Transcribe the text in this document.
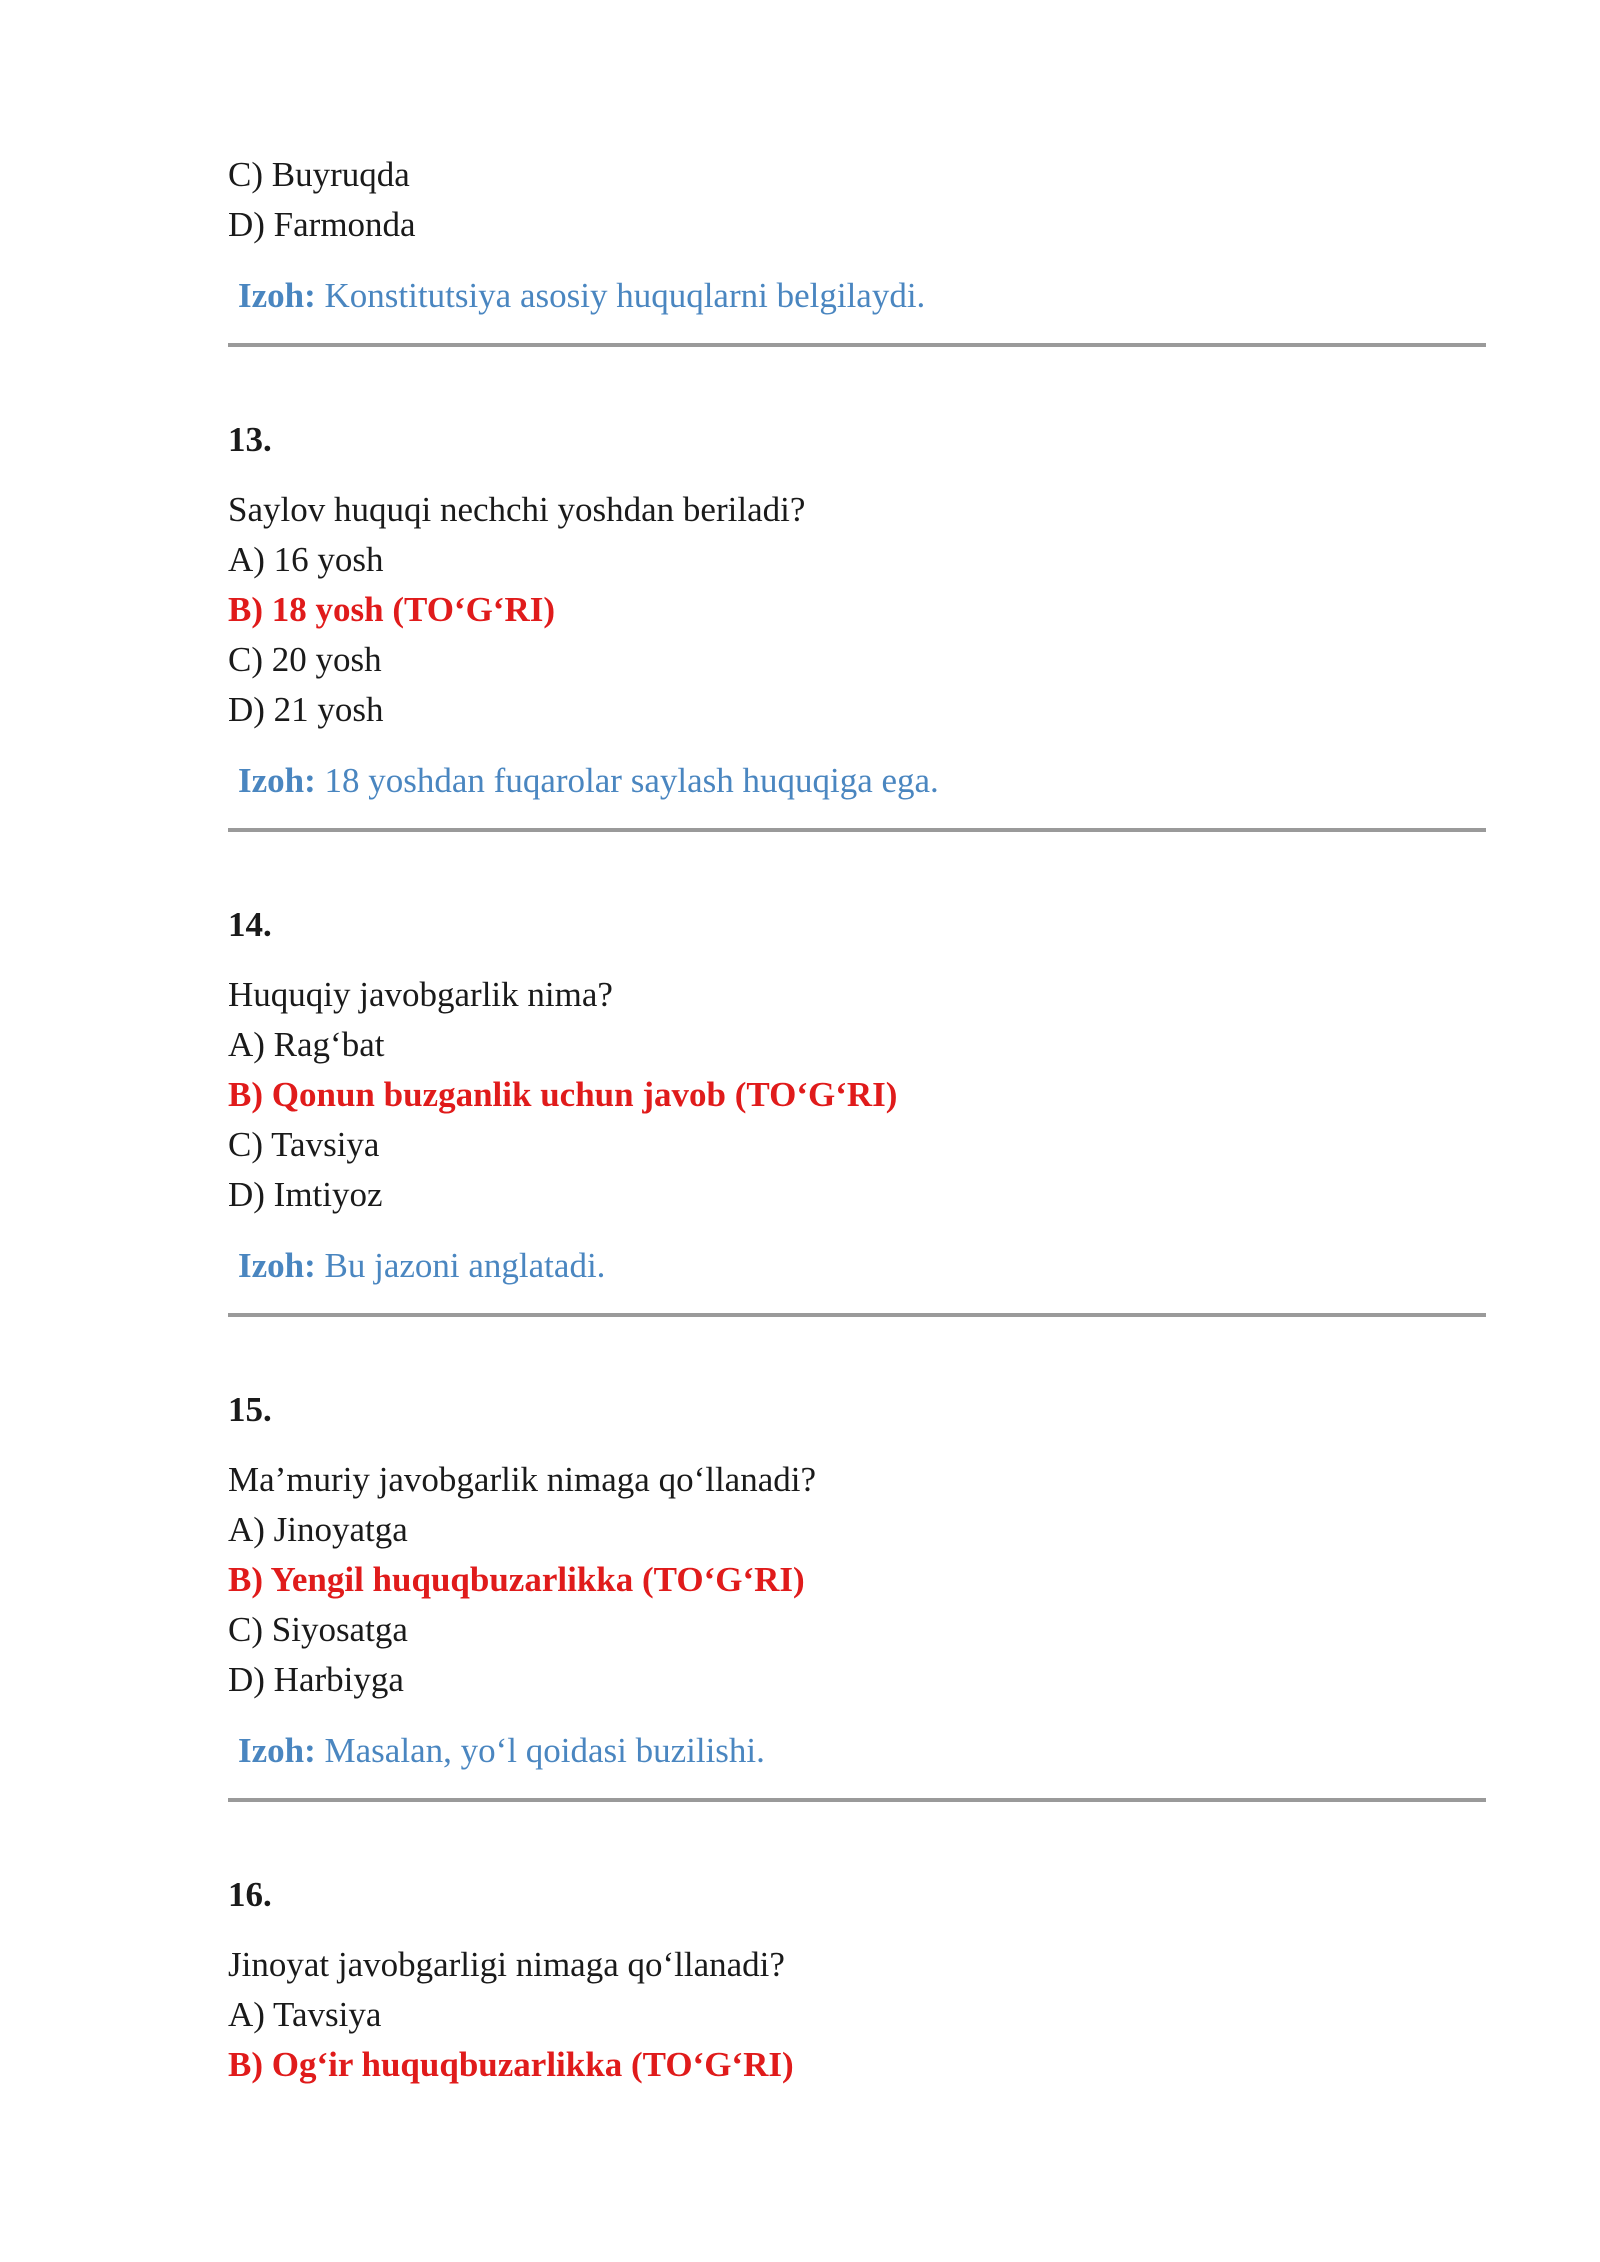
C) Buyruqda
D) Farmonda
Izoh: Konstitutsiya asosiy huquqlarni belgilaydi.
13.
Saylov huquqi nechchi yoshdan beriladi?
A) 16 yosh
B) 18 yosh (TO‘G‘RI)
C) 20 yosh
D) 21 yosh
Izoh: 18 yoshdan fuqarolar saylash huquqiga ega.
14.
Huquqiy javobgarlik nima?
A) Rag‘bat
B) Qonun buzganlik uchun javob (TO‘G‘RI)
C) Tavsiya
D) Imtiyoz
Izoh: Bu jazoni anglatadi.
15.
Ma’muriy javobgarlik nimaga qo‘llanadi?
A) Jinoyatga
B) Yengil huquqbuzarlikka (TO‘G‘RI)
C) Siyosatga
D) Harbiyga
Izoh: Masalan, yo‘l qoidasi buzilishi.
16.
Jinoyat javobgarligi nimaga qo‘llanadi?
A) Tavsiya
B) Og‘ir huquqbuzarlikka (TO‘G‘RI)
